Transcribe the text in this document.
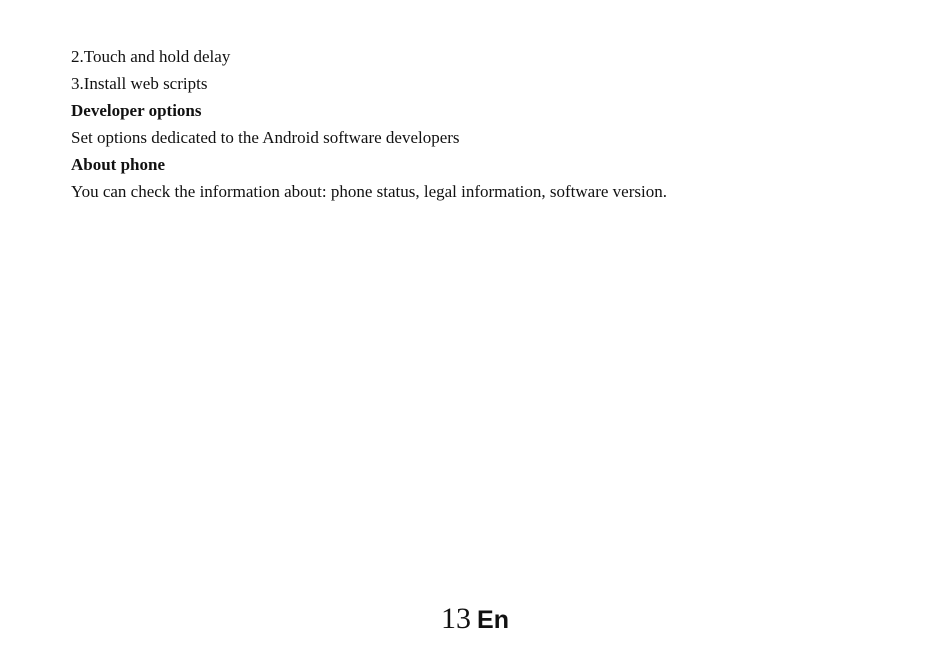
2.Touch and hold delay

3.Install web scripts

Developer options

Set options dedicated to the Android software developers

About phone

You can check the information about: phone status, legal information, software version.

13 En
